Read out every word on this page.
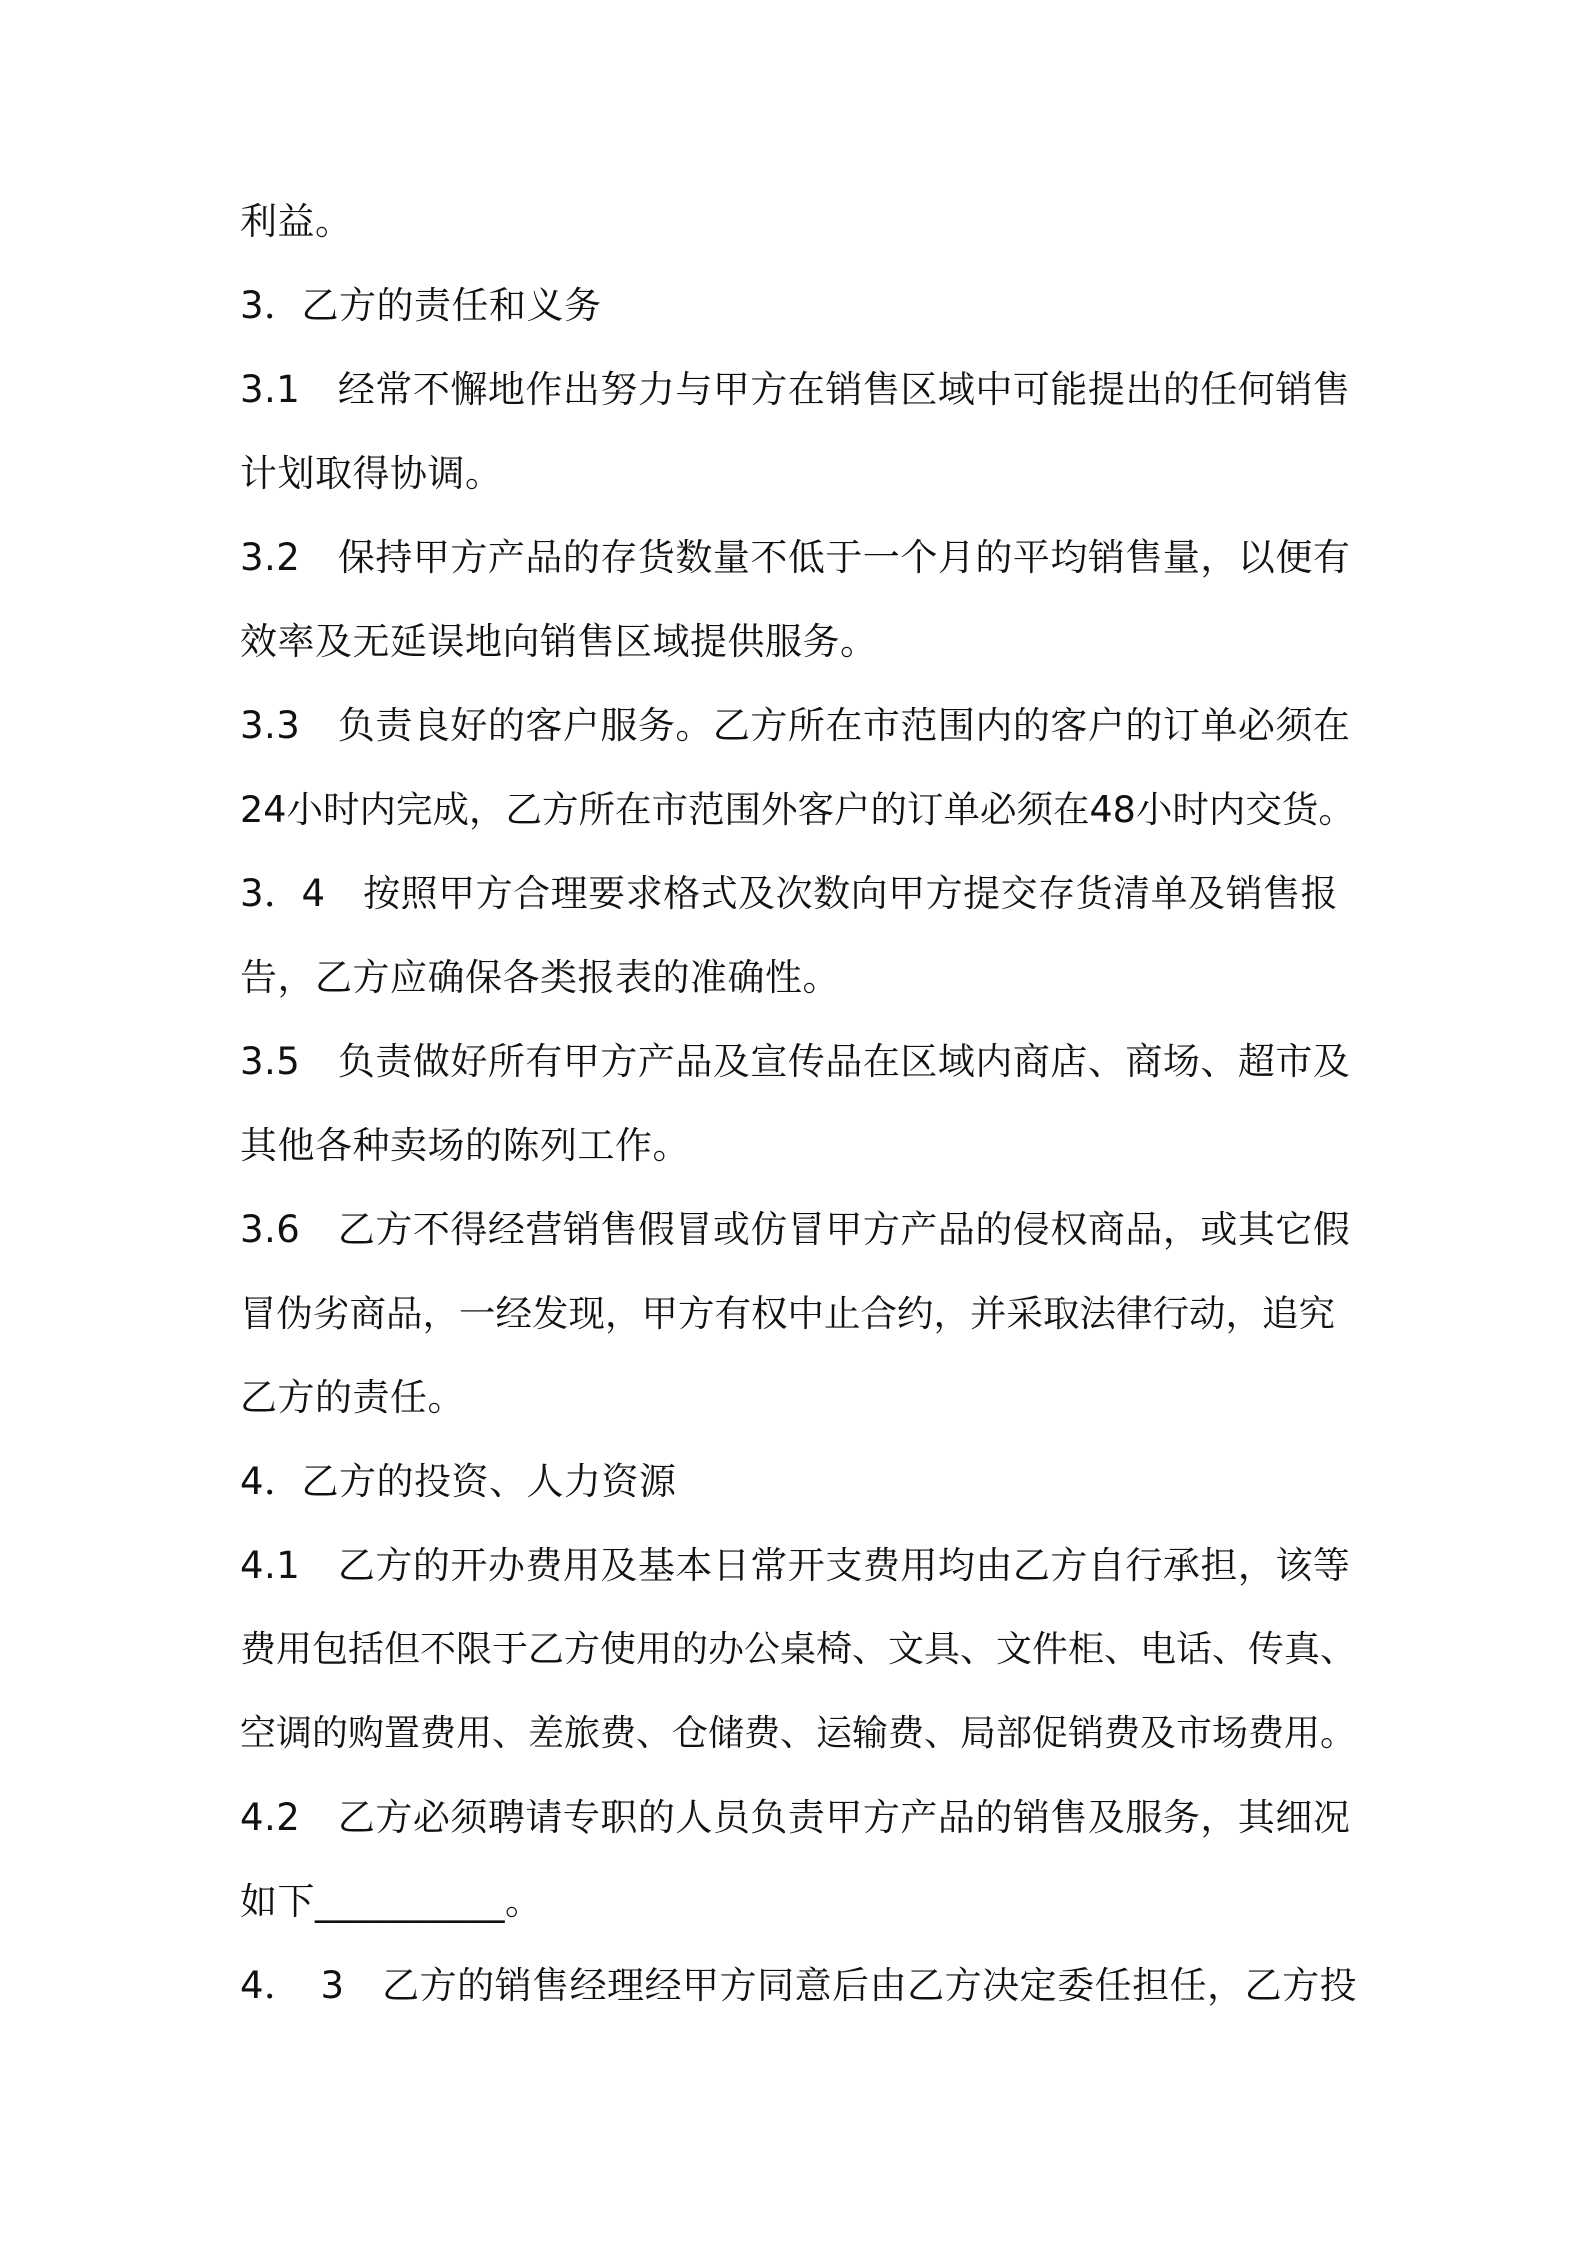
利益。
3．乙方的责任和义务
3.1　经常不懈地作出努力与甲方在销售区域中可能提出的任何销售
计划取得协调。
3.2　保持甲方产品的存货数量不低于一个月的平均销售量，以便有
效率及无延误地向销售区域提供服务。
3.3　负责良好的客户服务。乙方所在市范围内的客户的订单必须在
24小时内完成，乙方所在市范围外客户的订单必须在48小时内交货。
3．4　按照甲方合理要求格式及次数向甲方提交存货清单及销售报
告，乙方应确保各类报表的准确性。
3.5　负责做好所有甲方产品及宣传品在区域内商店、商场、超市及
其他各种卖场的陈列工作。
3.6　乙方不得经营销售假冒或仿冒甲方产品的侵权商品，或其它假
冒伪劣商品，一经发现，甲方有权中止合约，并采取法律行动，追究
乙方的责任。
4．乙方的投资、人力资源
4.1　乙方的开办费用及基本日常开支费用均由乙方自行承担，该等
费用包括但不限于乙方使用的办公桌椅、文具、文件柜、电话、传真、
空调的购置费用、差旅费、仓储费、运输费、局部促销费及市场费用。
4.2　乙方必须聘请专职的人员负责甲方产品的销售及服务，其细况
如下__________。
4．　3　乙方的销售经理经甲方同意后由乙方决定委任担任，乙方投
